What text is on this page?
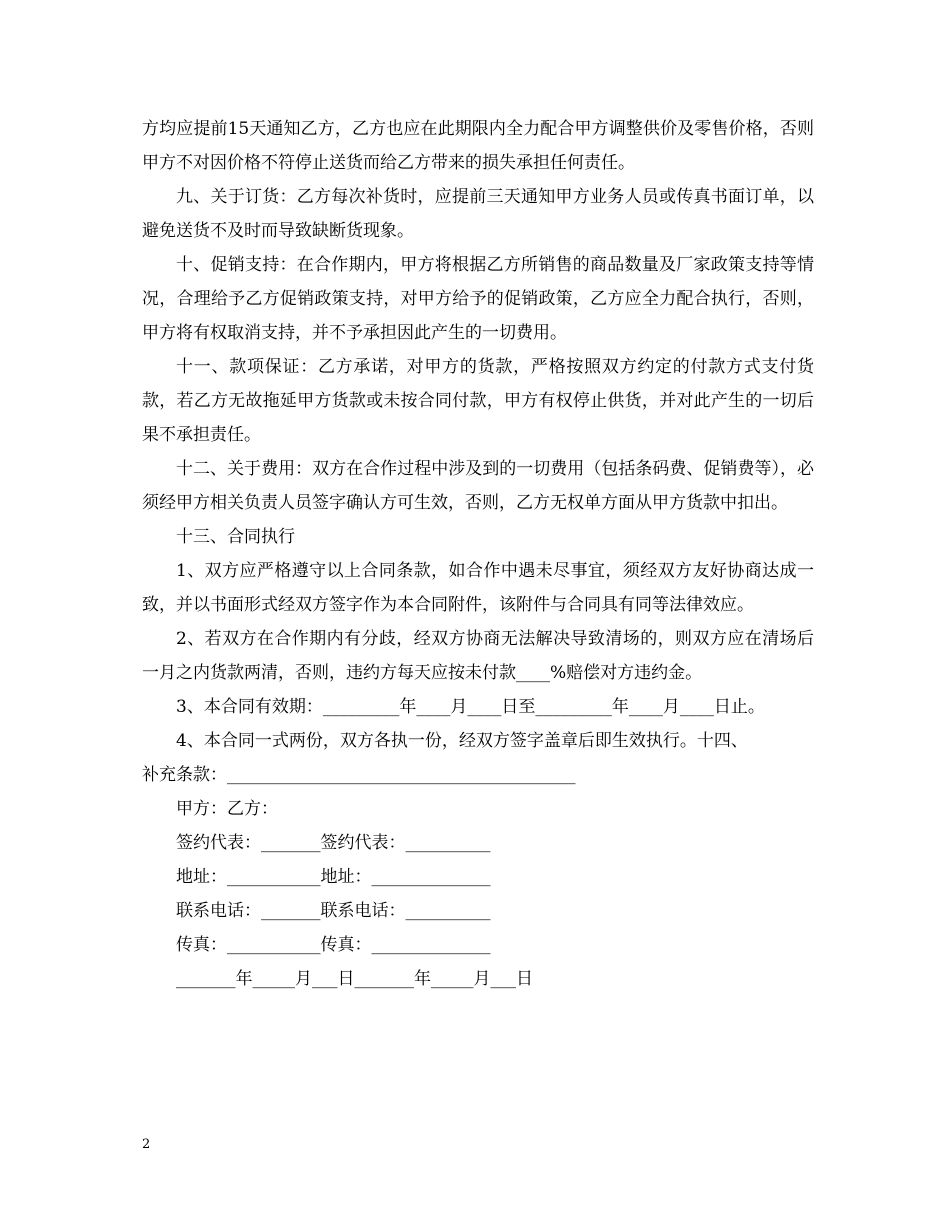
方均应提前15天通知乙方，乙方也应在此期限内全力配合甲方调整供价及零售价格，否则甲方不对因价格不符停止送货而给乙方带来的损失承担任何责任。

九、关于订货：乙方每次补货时，应提前三天通知甲方业务人员或传真书面订单，以避免送货不及时而导致缺断货现象。

十、促销支持：在合作期内，甲方将根据乙方所销售的商品数量及厂家政策支持等情况，合理给予乙方促销政策支持，对甲方给予的促销政策，乙方应全力配合执行，否则，甲方将有权取消支持，并不予承担因此产生的一切费用。

十一、款项保证：乙方承诺，对甲方的货款，严格按照双方约定的付款方式支付货款，若乙方无故拖延甲方货款或未按合同付款，甲方有权停止供货，并对此产生的一切后果不承担责任。

十二、关于费用：双方在合作过程中涉及到的一切费用（包括条码费、促销费等），必须经甲方相关负责人员签字确认方可生效，否则，乙方无权单方面从甲方货款中扣出。

十三、合同执行

1、双方应严格遵守以上合同条款，如合作中遇未尽事宜，须经双方友好协商达成一致，并以书面形式经双方签字作为本合同附件，该附件与合同具有同等法律效应。

2、若双方在合作期内有分歧，经双方协商无法解决导致清场的，则双方应在清场后一月之内货款两清，否则，违约方每天应按未付款____%赔偿对方违约金。

3、本合同有效期：_________年____月____日至_________年____月____日止。

4、本合同一式两份，双方各执一份，经双方签字盖章后即生效执行。十四、

补充条款：_________________________________________

甲方：乙方：

签约代表：_______签约代表：__________

地址：___________地址：______________

联系电话：_______联系电话：__________

传真：___________传真：______________

_______年_____月___日_______年_____月___日

2
